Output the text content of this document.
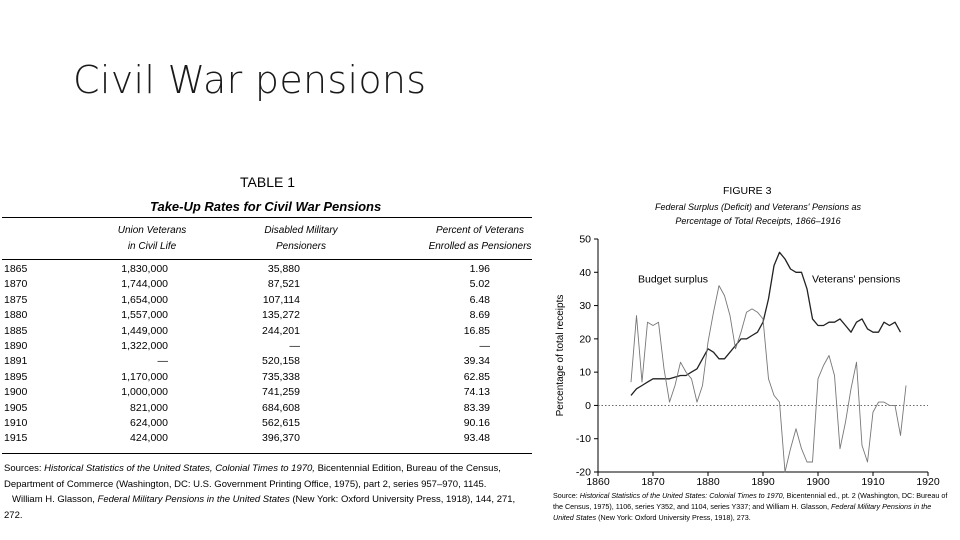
Civil War pensions
TABLE 1
Take-Up Rates for Civil War Pensions
Union Veterans
in Civil Life
Disabled Military
Pensioners
Percent of Veterans
Enrolled as Pensioners
1865	1,830,000	35,880	1.96
1870	1,744,000	87,521	5.02
1875	1,654,000	107,114	6.48
1880	1,557,000	135,272	8.69
1885	1,449,000	244,201	16.85
1890	1,322,000	—	—
1891	—	520,158	39.34
1895	1,170,000	735,338	62.85
1900	1,000,000	741,259	74.13
1905	821,000	684,608	83.39
1910	624,000	562,615	90.16
1915	424,000	396,370	93.48

Sources: Historical Statistics of the United States, Colonial Times to 1970, Bicentennial Edition, Bureau of the Census, Department of Commerce (Washington, DC: U.S. Government Printing Office, 1975), part 2, series 957–970, 1145.

William H. Glasson, Federal Military Pensions in the United States (New York: Oxford University Press, 1918), 144, 271, 272.

FIGURE 3
Federal Surplus (Deficit) and Veterans' Pensions as
Percentage of Total Receipts, 1866–1916
-20
-10
0
10
20
30
40
50
1860	1870	1880	1890	1900	1910	1920
Percentage of total receipts
Budget surplus	Veterans' pensions

Source: Historical Statistics of the United States: Colonial Times to 1970, Bicentennial ed., pt. 2 (Washington, DC: Bureau of the Census, 1975), 1106, series Y352, and 1104, series Y337; and William H. Glasson, Federal Military Pensions in the United States (New York: Oxford University Press, 1918), 273.
